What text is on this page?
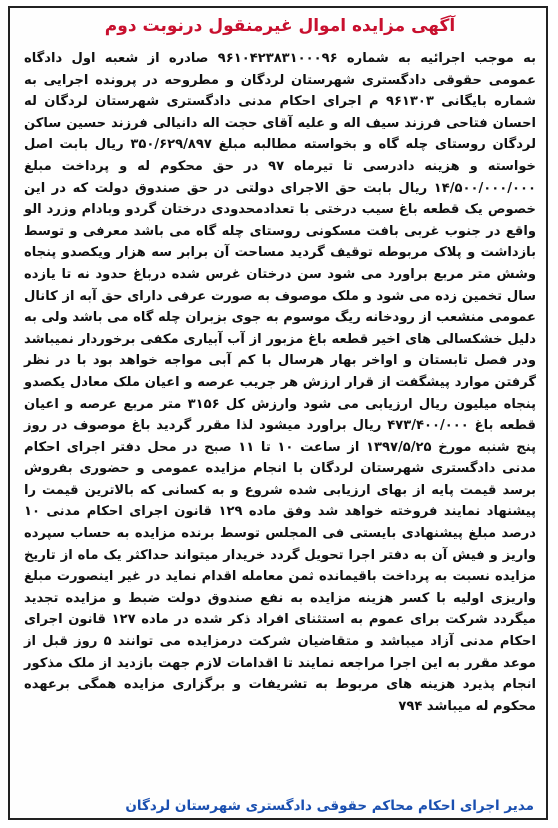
آگهی مزایده اموال غیرمنقول درنوبت دوم
به موجب اجرائیه به شماره ۹۶۱۰۴۲۳۸۳۱۰۰۰۹۶ صادره از شعبه اول دادگاه عمومی حقوقی دادگستری شهرستان لردگان و مطروحه در پرونده اجرایی به شماره بایگانی ۹۶۱۳۰۳ م اجرای احکام مدنی دادگستری شهرستان لردگان له احسان فتاحی فرزند سیف اله و علیه آقای حجت اله دانیالی فرزند حسین ساکن لردگان روستای چله گاه و بخواسته مطالبه مبلغ ۳۵۰/۶۲۹/۸۹۷ ریال بابت اصل خواسته و هزینه دادرسی تا تیرماه ۹۷ در حق محکوم له و پرداخت مبلغ ۱۴/۵۰۰/۰۰۰/۰۰۰ ریال بابت حق الاجرای دولتی در حق صندوق دولت که در این خصوص یک قطعه باغ سیب درختی با تعدادمحدودی درختان گردو وبادام وزرد الو واقع در جنوب غربی بافت مسکونی روستای چله گاه می باشد معرفی و توسط بازداشت و پلاک مربوطه توقیف گردید مساحت آن برابر سه هزار ویکصدو پنجاه وشش متر مربع براورد می شود سن درختان غرس شده درباغ حدود نه تا یازده سال تخمین زده می شود و ملک موصوف به صورت عرفی دارای حق آبه از کانال عمومی منشعب از رودخانه ریگ موسوم به جوی بزبران چله گاه می باشد ولی به دلیل خشکسالی های اخیر قطعه باغ مزبور از آب آبیاری مکفی برخوردار نمیباشد ودر فصل تابستان و اواخر بهار هرسال با کم آبی مواجه خواهد بود با در نظر گرفتن موارد پیشگفت از قرار ارزش هر جریب عرصه و اعیان ملک معادل یکصدو پنجاه میلیون ریال ارزیابی می شود وارزش کل ۳۱۵۶ متر مربع عرصه و اعیان قطعه باغ ۴۷۳/۴۰۰/۰۰۰ ریال براورد میشود لذا مقرر گردید باغ موصوف در روز پنج شنبه مورخ ۱۳۹۷/۵/۲۵ از ساعت ۱۰ تا ۱۱ صبح در محل دفتر اجرای احکام مدنی دادگستری شهرستان لردگان با انجام مزایده عمومی و حضوری بفروش برسد قیمت پایه از بهای ارزیابی شده شروع و به کسانی که بالاترین قیمت را پیشنهاد نمایند فروخته خواهد شد وفق ماده ۱۲۹ قانون اجرای احکام مدنی ۱۰ درصد مبلغ پیشنهادی بایستی فی المجلس توسط برنده مزایده به حساب سپرده واریز و فیش آن به دفتر اجرا تحویل گردد خریدار میتواند حداکثر یک ماه از تاریخ مزایده نسبت به پرداخت باقیمانده ثمن معامله اقدام نماید در غیر اینصورت مبلغ واریزی اولیه با کسر هزینه مزایده به نفع صندوق دولت ضبط و مزایده تجدید میگردد شرکت برای عموم به استثنای افراد ذکر شده در ماده ۱۲۷ قانون اجرای احکام مدنی آزاد میباشد و متقاضیان شرکت درمزایده می توانند ۵ روز قبل از موعد مقرر به این اجرا مراجعه نمایند تا اقدامات لازم جهت بازدید از ملک مذکور انجام پذیرد هزینه های مربوط به تشریفات و برگزاری مزایده همگی برعهده محکوم له میباشد ۷۹۴
مدیر اجرای احکام محاکم حقوقی دادگستری شهرستان لردگان
